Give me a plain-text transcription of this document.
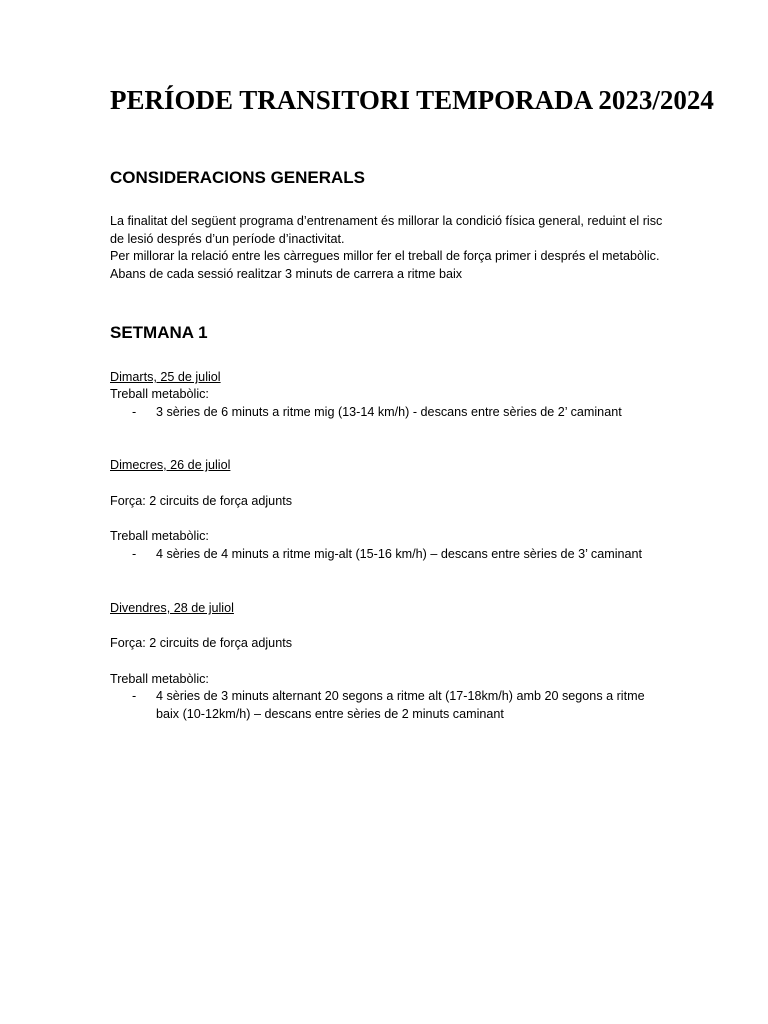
PERÍODE TRANSITORI TEMPORADA 2023/2024
CONSIDERACIONS GENERALS
La finalitat del següent programa d’entrenament és millorar la condició física general, reduint el risc de lesió després d’un període d’inactivitat.
Per millorar la relació entre les càrregues millor fer el treball de força primer i després el metabòlic. Abans de cada sessió realitzar 3 minuts de carrera a ritme baix
SETMANA 1

Dimarts, 25 de juliol

Treball metabòlic:

- 3 sèries de 6 minuts a ritme mig (13-14 km/h) - descans entre sèries de 2’ caminant

Dimecres, 26 de juliol

Força: 2 circuits de força adjunts

Treball metabòlic:

- 4 sèries de 4 minuts a ritme mig-alt (15-16 km/h) – descans entre sèries de 3’ caminant

Divendres, 28 de juliol

Força: 2 circuits de força adjunts

Treball metabòlic:

- 4 sèries de 3 minuts alternant 20 segons a ritme alt (17-18km/h) amb 20 segons a ritme baix (10-12km/h) – descans entre sèries de 2 minuts caminant
